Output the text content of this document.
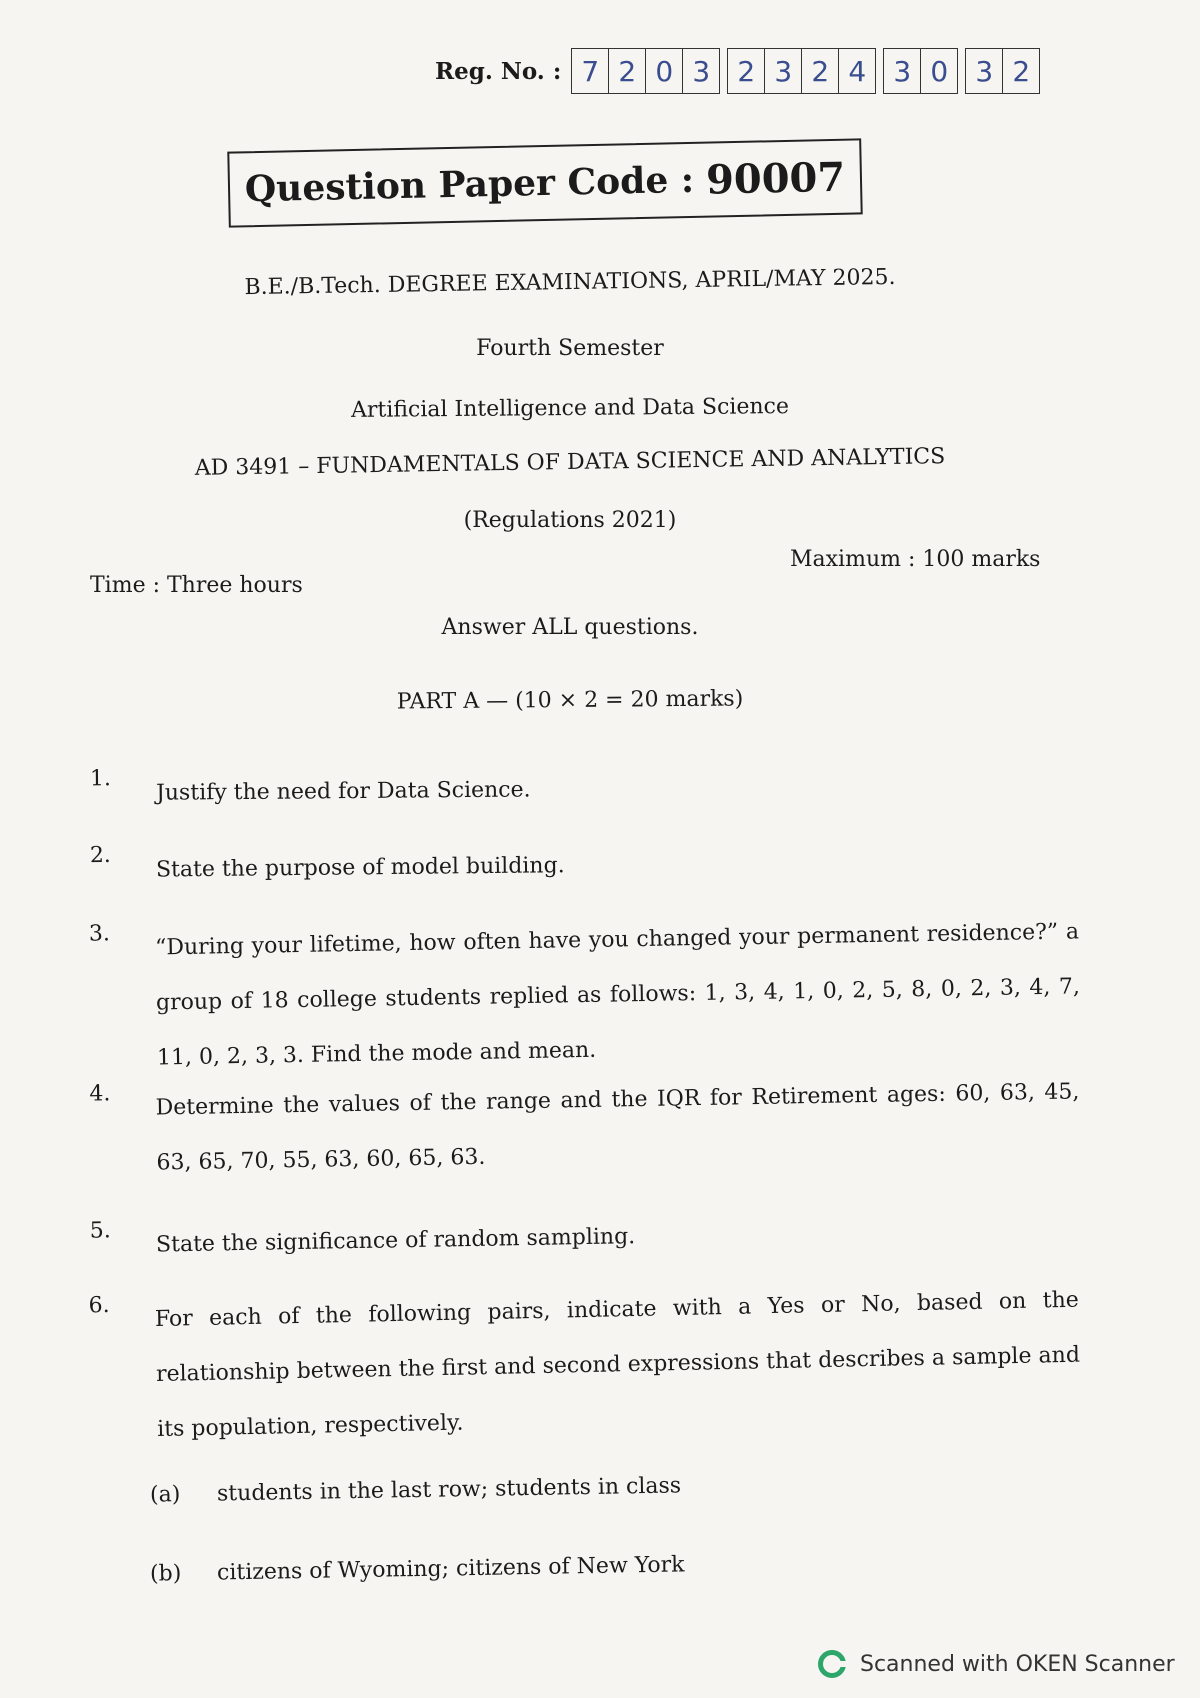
Reg. No. : 7 2 0 3 2 3 2 4 3 0 3 2
Question Paper Code : 90007
B.E./B.Tech. DEGREE EXAMINATIONS, APRIL/MAY 2025.
Fourth Semester
Artificial Intelligence and Data Science
AD 3491 – FUNDAMENTALS OF DATA SCIENCE AND ANALYTICS
(Regulations 2021)
Time : Three hours
Maximum : 100 marks
Answer ALL questions.
PART A — (10 × 2 = 20 marks)
1.	Justify the need for Data Science.
2.	State the purpose of model building.
3.	“During your lifetime, how often have you changed your permanent residence?” a group of 18 college students replied as follows: 1, 3, 4, 1, 0, 2, 5, 8, 0, 2, 3, 4, 7, 11, 0, 2, 3, 3. Find the mode and mean.
4.	Determine the values of the range and the IQR for Retirement ages: 60, 63, 45, 63, 65, 70, 55, 63, 60, 65, 63.
5.	State the significance of random sampling.
6.	For each of the following pairs, indicate with a Yes or No, based on the relationship between the first and second expressions that describes a sample and its population, respectively.
(a) students in the last row; students in class
(b) citizens of Wyoming; citizens of New York
Scanned with OKEN Scanner
